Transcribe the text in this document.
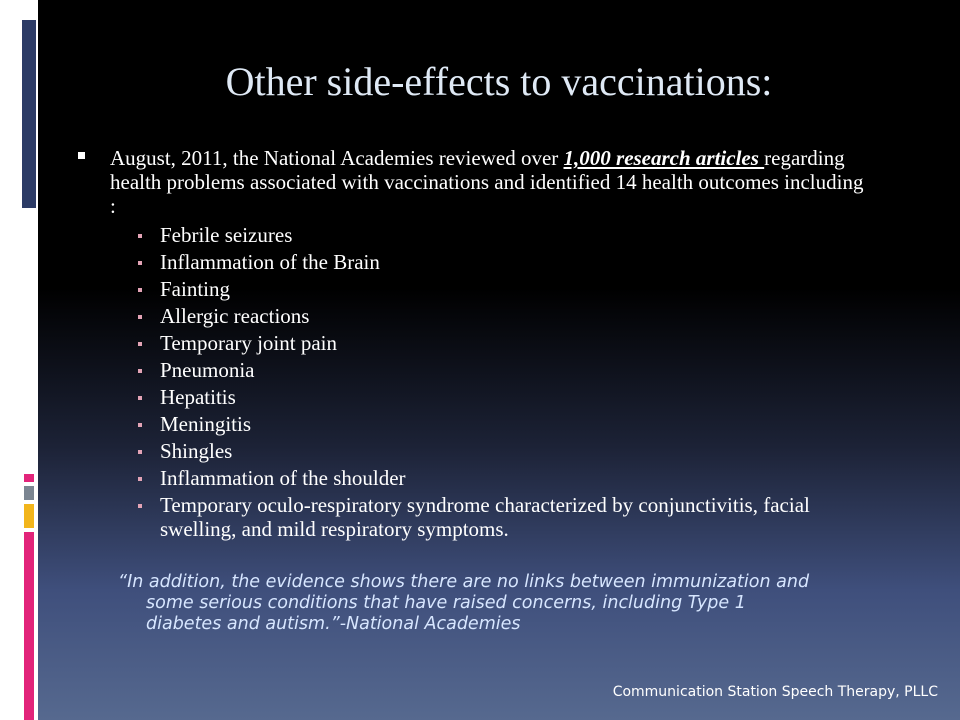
Other side-effects to vaccinations:
August, 2011, the National Academies reviewed over 1,000 research articles regarding health problems associated with vaccinations and identified 14 health outcomes including :
Febrile seizures
Inflammation of the Brain
Fainting
Allergic reactions
Temporary joint pain
Pneumonia
Hepatitis
Meningitis
Shingles
Inflammation of the shoulder
Temporary oculo-respiratory syndrome characterized by conjunctivitis, facial swelling, and mild respiratory symptoms.
“In addition, the evidence shows there are no links between immunization and
some serious conditions that have raised concerns, including Type 1
diabetes and autism.”-National Academies
Communication Station Speech Therapy, PLLC
